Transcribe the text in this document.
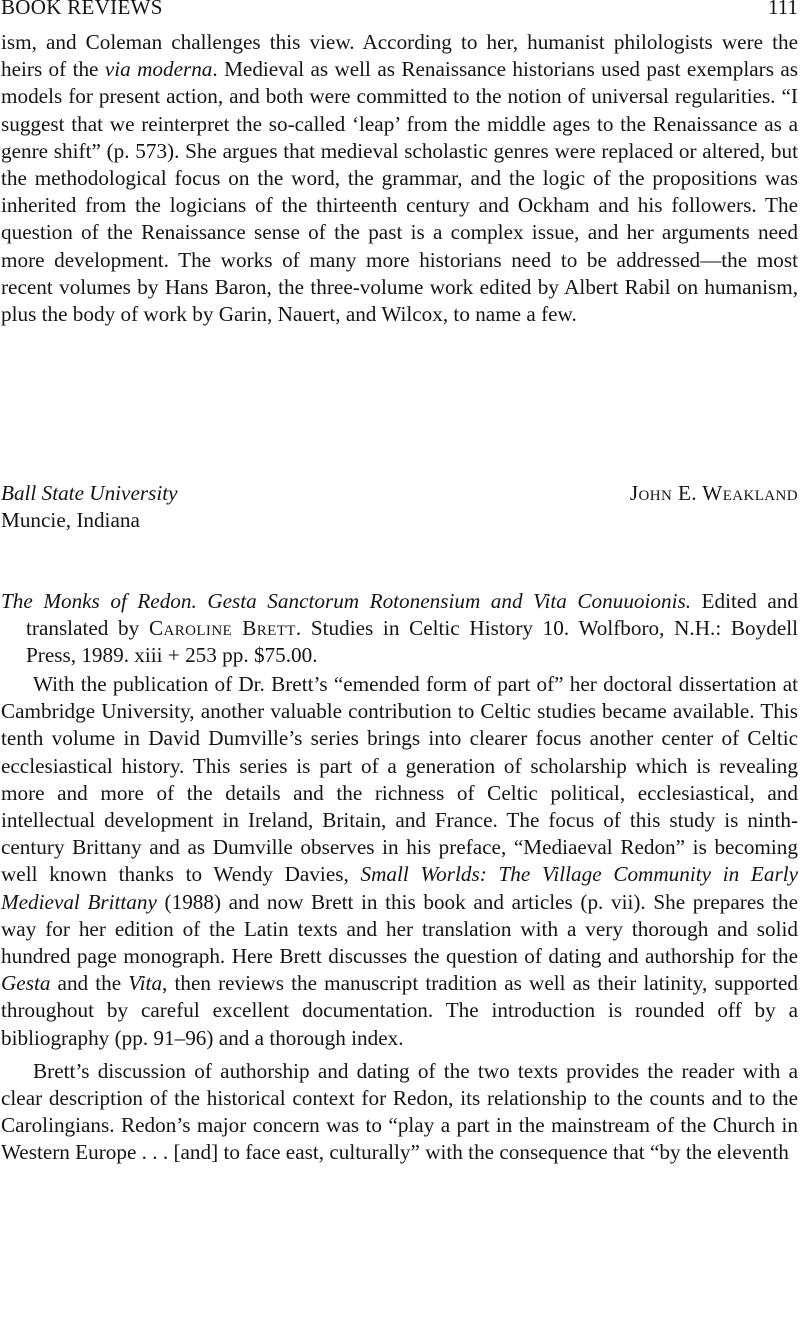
BOOK REVIEWS	111

ism, and Coleman challenges this view. According to her, humanist philologists were the heirs of the via moderna. Medieval as well as Renaissance historians used past exemplars as models for present action, and both were committed to the notion of universal regularities. “I suggest that we reinterpret the so-called ‘leap’ from the middle ages to the Renaissance as a genre shift” (p. 573). She argues that medieval scholastic genres were replaced or altered, but the methodological focus on the word, the grammar, and the logic of the propositions was inherited from the logicians of the thirteenth century and Ockham and his followers. The question of the Renaissance sense of the past is a complex issue, and her arguments need more development. The works of many more historians need to be addressed—the most recent volumes by Hans Baron, the three-volume work edited by Albert Rabil on humanism, plus the body of work by Garin, Nauert, and Wilcox, to name a few.

Ball State University
Muncie, Indiana
John E. Weakland

The Monks of Redon. Gesta Sanctorum Rotonensium and Vita Conuuoionis. Edited and translated by Caroline Brett. Studies in Celtic History 10. Wolfboro, N.H.: Boydell Press, 1989. xiii + 253 pp. $75.00.

With the publication of Dr. Brett’s “emended form of part of” her doctoral dissertation at Cambridge University, another valuable contribution to Celtic studies became available. This tenth volume in David Dumville’s series brings into clearer focus another center of Celtic ecclesiastical history. This series is part of a generation of scholarship which is revealing more and more of the details and the richness of Celtic political, ecclesiastical, and intellectual development in Ireland, Britain, and France. The focus of this study is ninth-century Brittany and as Dumville observes in his preface, “Mediaeval Redon” is becoming well known thanks to Wendy Davies, Small Worlds: The Village Community in Early Medieval Brittany (1988) and now Brett in this book and articles (p. vii). She prepares the way for her edition of the Latin texts and her translation with a very thorough and solid hundred page monograph. Here Brett discusses the question of dating and authorship for the Gesta and the Vita, then reviews the manuscript tradition as well as their latinity, supported throughout by careful excellent documentation. The introduction is rounded off by a bibliography (pp. 91–96) and a thorough index.

Brett’s discussion of authorship and dating of the two texts provides the reader with a clear description of the historical context for Redon, its relationship to the counts and to the Carolingians. Redon’s major concern was to “play a part in the mainstream of the Church in Western Europe . . . [and] to face east, culturally” with the consequence that “by the eleventh
